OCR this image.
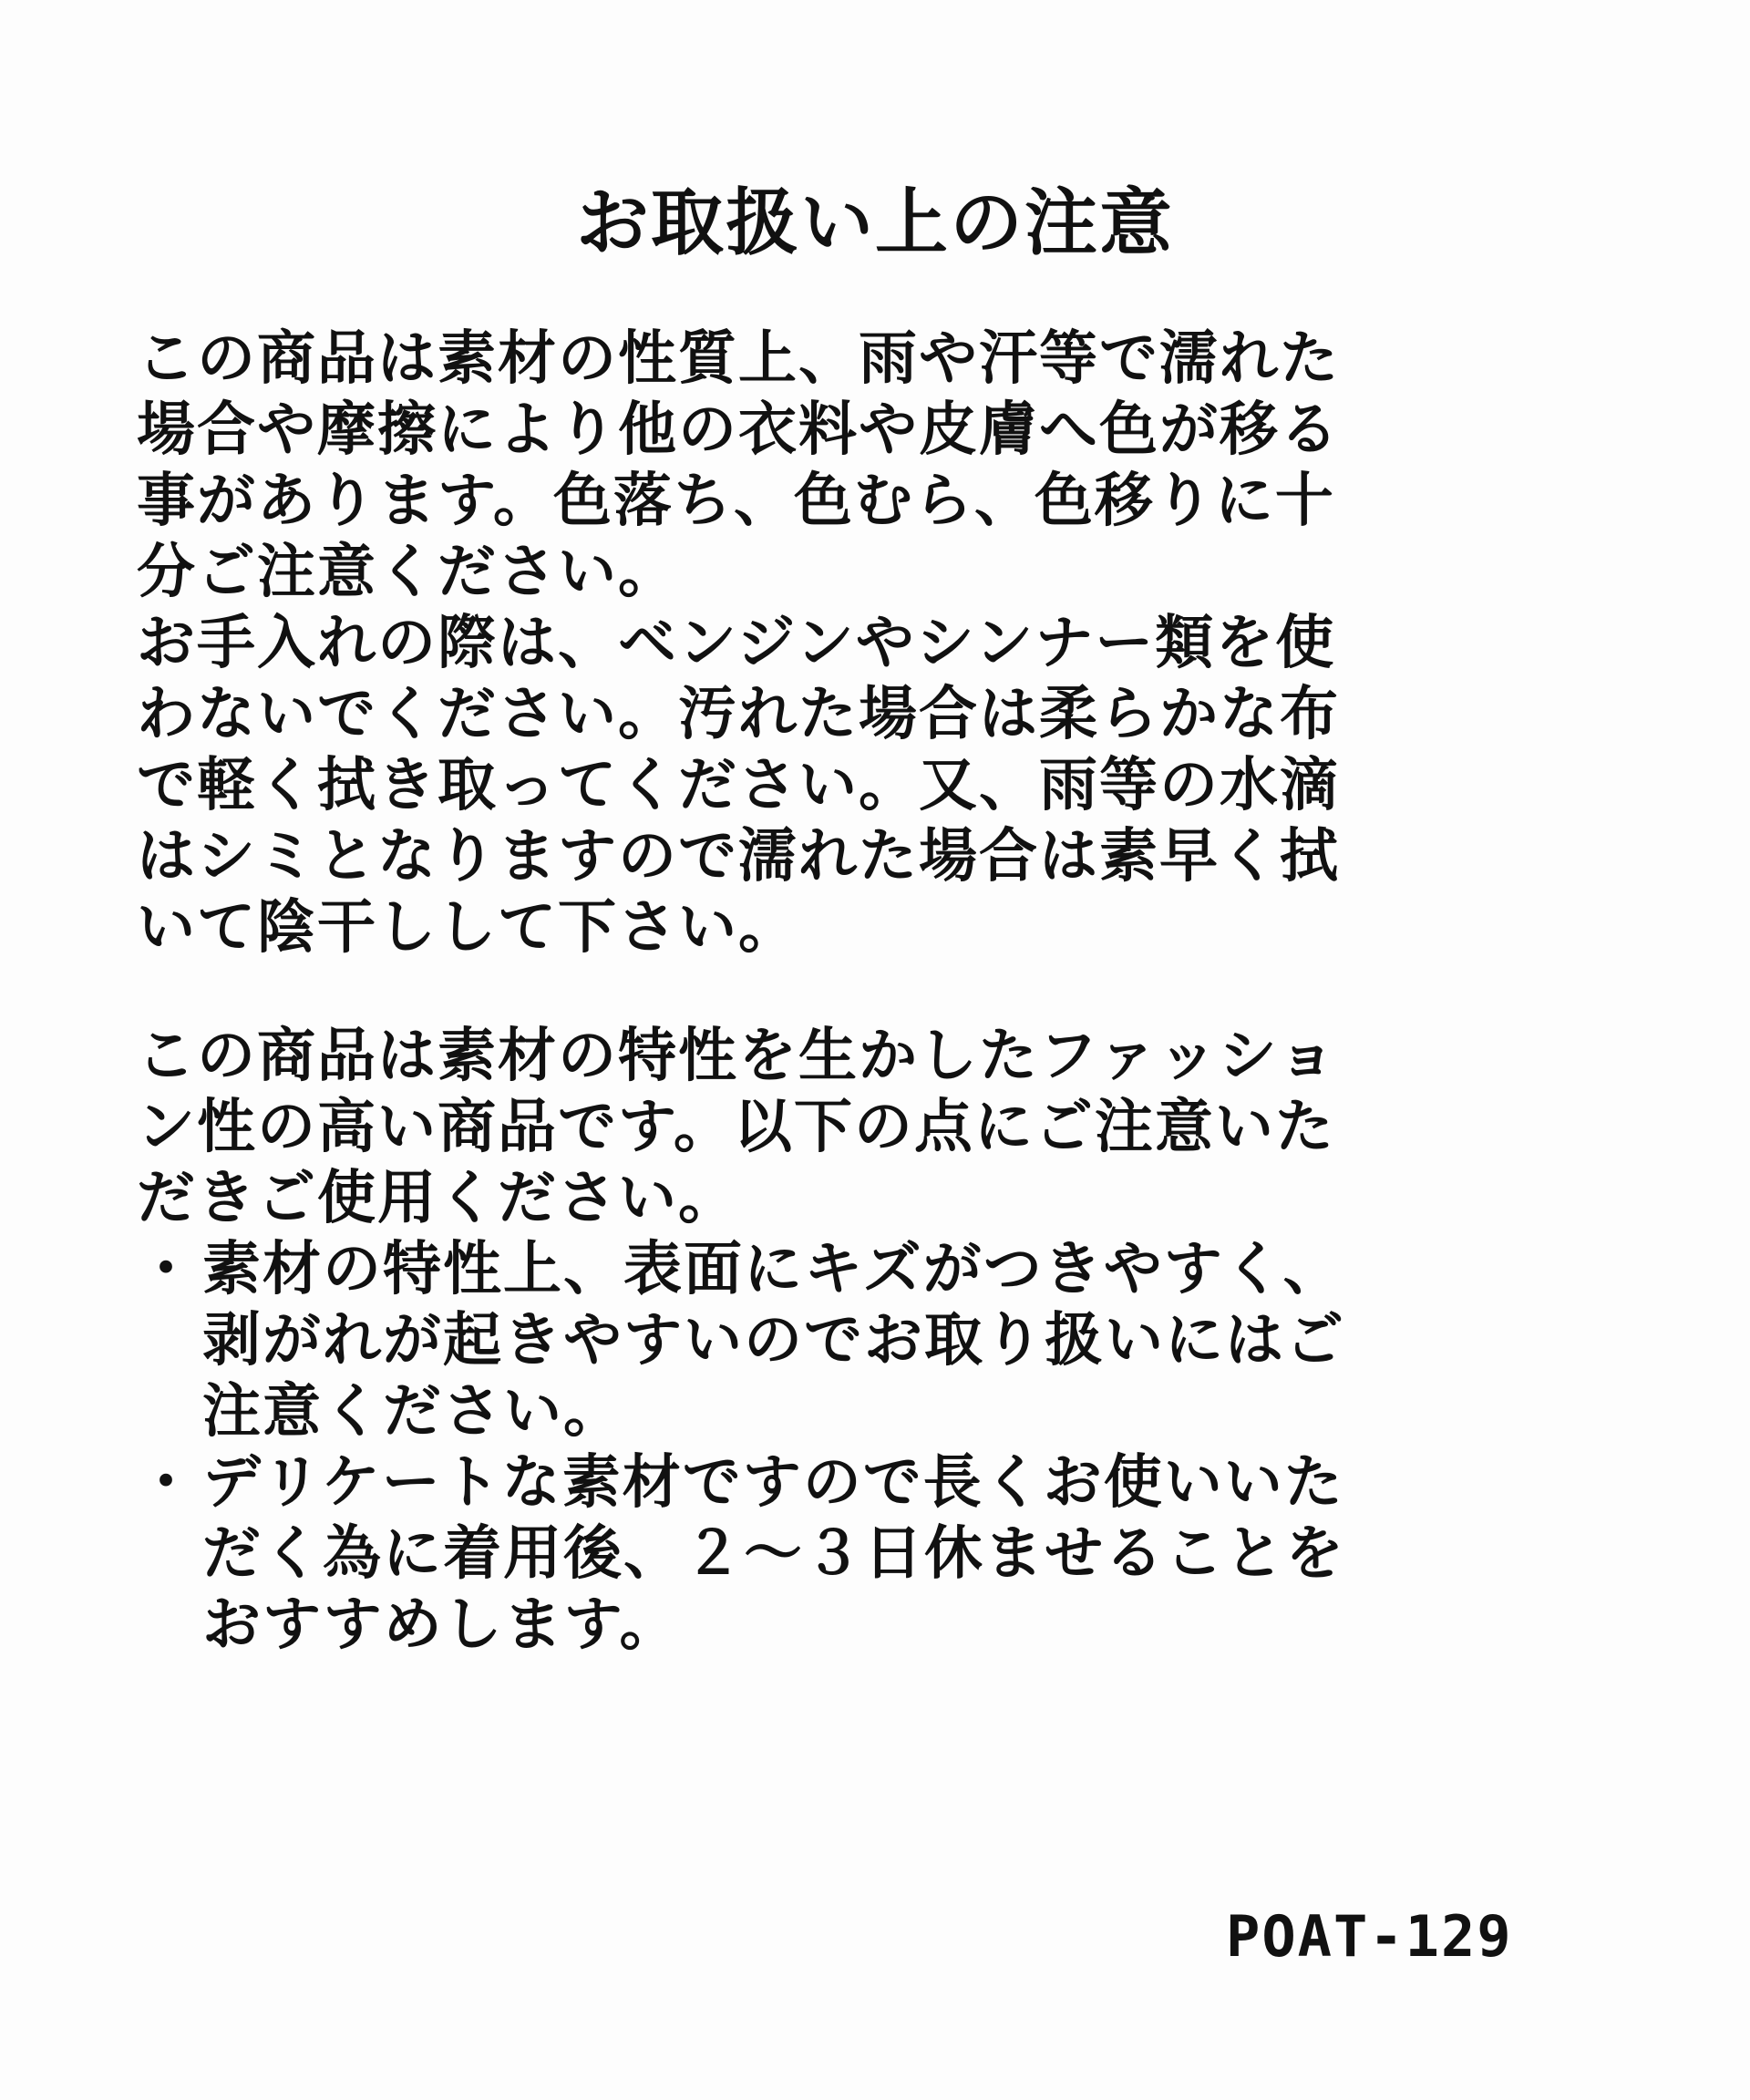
お取扱い上の注意
この商品は素材の性質上、雨や汗等で濡れた
場合や摩擦により他の衣料や皮膚へ色が移る
事があります。色落ち、色むら、色移りに十
分ご注意ください。
お手入れの際は、ベンジンやシンナー類を使
わないでください。汚れた場合は柔らかな布
で軽く拭き取ってください。又、雨等の水滴
はシミとなりますので濡れた場合は素早く拭
いて陰干しして下さい。
この商品は素材の特性を生かしたファッショ
ン性の高い商品です。以下の点にご注意いた
だきご使用ください。
・素材の特性上、表面にキズがつきやすく、
剥がれが起きやすいのでお取り扱いにはご
注意ください。
・デリケートな素材ですので長くお使いいた
だく為に着用後、２～３日休ませることを
おすすめします。
POAT-129
